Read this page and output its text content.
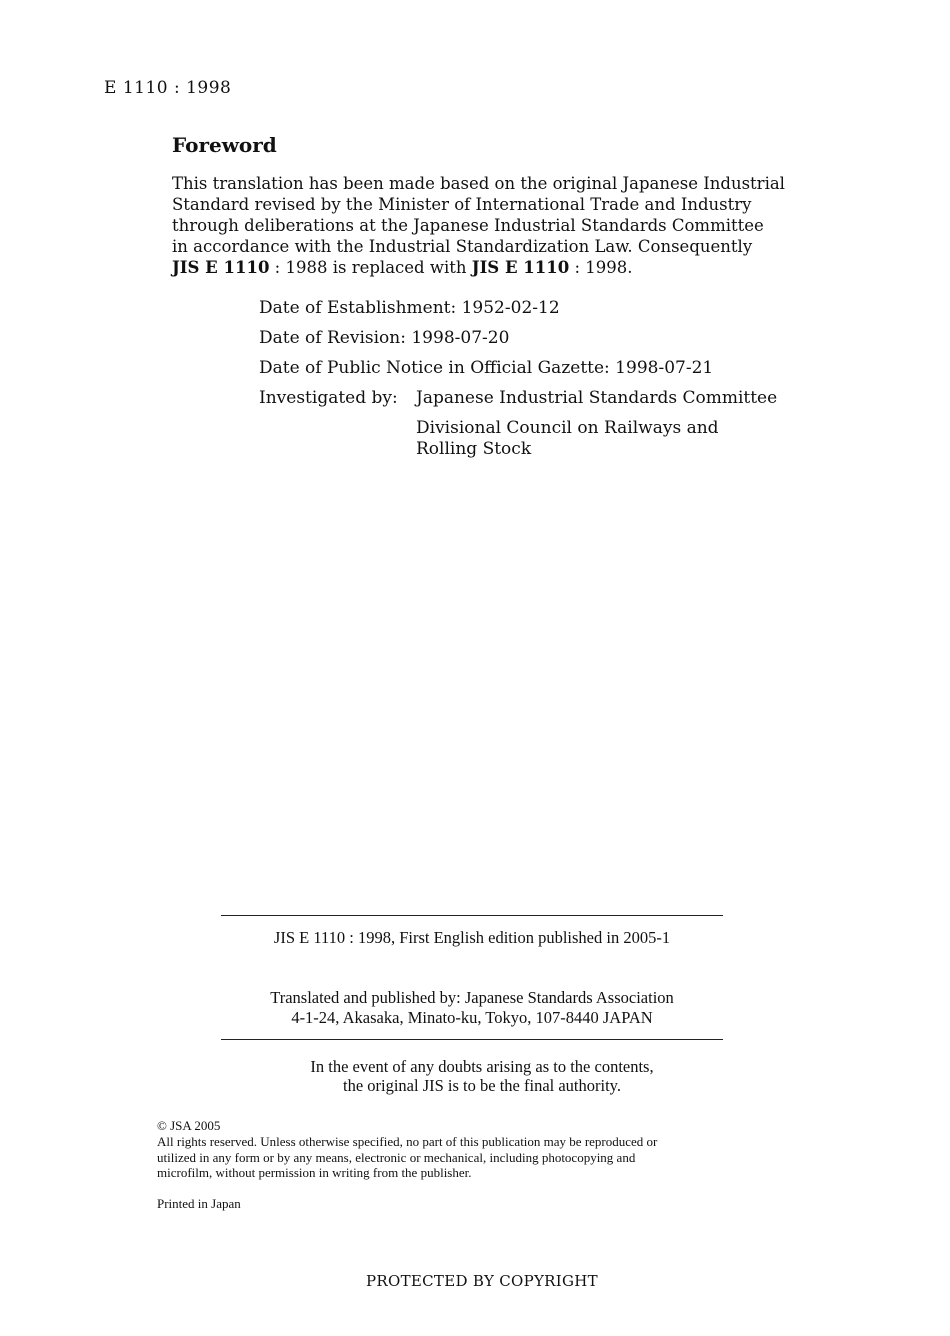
E 1110 : 1998
Foreword
This translation has been made based on the original Japanese Industrial
Standard revised by the Minister of International Trade and Industry
through deliberations at the Japanese Industrial Standards Committee
in accordance with the Industrial Standardization Law. Consequently
JIS E 1110 : 1988 is replaced with JIS E 1110 : 1998.
Date of Establishment: 1952-02-12
Date of Revision: 1998-07-20
Date of Public Notice in Official Gazette: 1998-07-21
Investigated by: Japanese Industrial Standards Committee
Divisional Council on Railways and
Rolling Stock
JIS E 1110 : 1998, First English edition published in 2005-1
Translated and published by: Japanese Standards Association
4-1-24, Akasaka, Minato-ku, Tokyo, 107-8440 JAPAN
In the event of any doubts arising as to the contents,
the original JIS is to be the final authority.
© JSA 2005
All rights reserved. Unless otherwise specified, no part of this publication may be reproduced or
utilized in any form or by any means, electronic or mechanical, including photocopying and
microfilm, without permission in writing from the publisher.
Printed in Japan
PROTECTED BY COPYRIGHT
